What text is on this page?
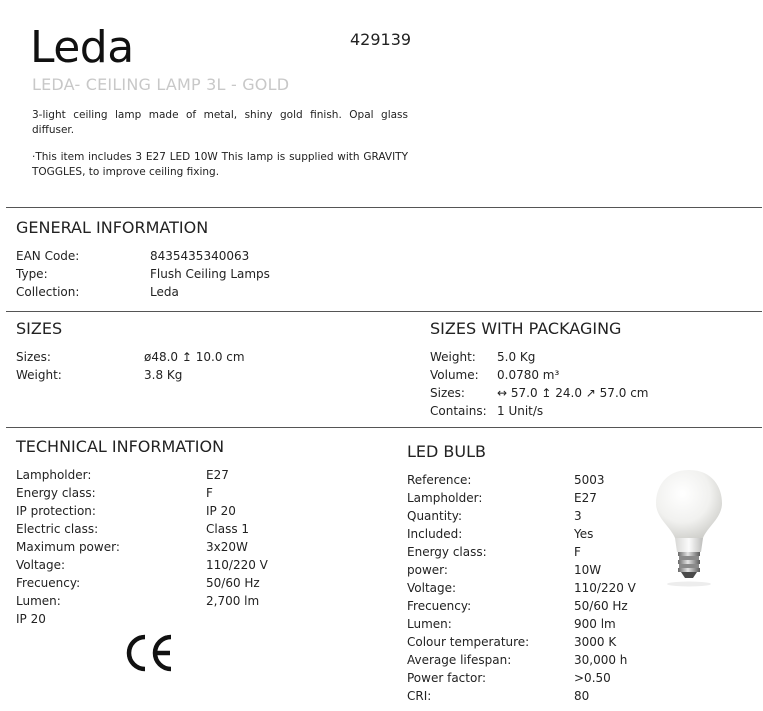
Leda	429139
LEDA- CEILING LAMP 3L - GOLD
3-light ceiling lamp made of metal, shiny gold finish. Opal glass diffuser.
·This item includes 3 E27 LED 10W This lamp is supplied with GRAVITY TOGGLES, to improve ceiling fixing.
GENERAL INFORMATION
EAN Code:	8435435340063
Type:	Flush Ceiling Lamps
Collection:	Leda
SIZES
Sizes:	ø48.0 ↥ 10.0 cm
Weight:	3.8 Kg
SIZES WITH PACKAGING
Weight: 5.0 Kg
Volume: 0.0780 m³
Sizes:	↔ 57.0 ↥ 24.0 ↗ 57.0 cm
Contains: 1 Unit/s
TECHNICAL INFORMATION
Lampholder:	E27
Energy class:	F
IP protection:	IP 20
Electric class:	Class 1
Maximum power:	3x20W
Voltage:	110/220 V
Frecuency:	50/60 Hz
Lumen:	2,700 lm
IP 20
LED BULB
Reference:	5003
Lampholder:	E27
Quantity:	3
Included:	Yes
Energy class:	F
power:	10W
Voltage:	110/220 V
Frecuency:	50/60 Hz
Lumen:	900 lm
Colour temperature:	3000 K
Average lifespan:	30,000 h
Power factor:	>0.50
CRI:	80
